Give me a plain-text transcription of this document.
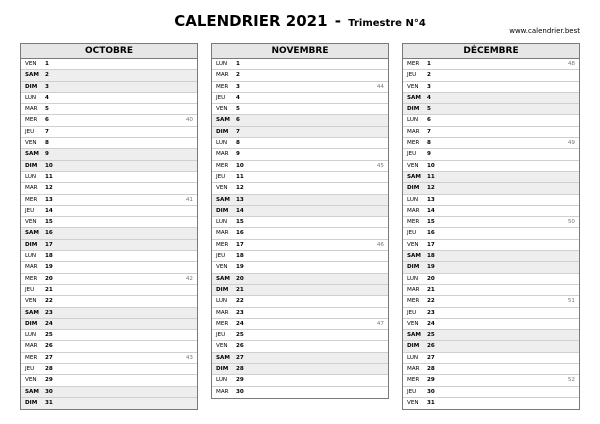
CALENDRIER 2021 - Trimestre N°4
www.calendrier.best
OCTOBRE
VEN 1
SAM 2
DIM 3
LUN 4
MAR 5
MER 6	40
JEU 7
VEN 8
SAM 9
DIM 10
LUN 11
MAR 12
MER 13	41
JEU 14
VEN 15
SAM 16
DIM 17
LUN 18
MAR 19
MER 20	42
JEU 21
VEN 22
SAM 23
DIM 24
LUN 25
MAR 26
MER 27	43
JEU 28
VEN 29
SAM 30
DIM 31
NOVEMBRE
LUN 1
MAR 2
MER 3	44
JEU 4
VEN 5
SAM 6
DIM 7
LUN 8
MAR 9
MER 10	45
JEU 11
VEN 12
SAM 13
DIM 14
LUN 15
MAR 16
MER 17	46
JEU 18
VEN 19
SAM 20
DIM 21
LUN 22
MAR 23
MER 24	47
JEU 25
VEN 26
SAM 27
DIM 28
LUN 29
MAR 30
DÉCEMBRE
MER 1	48
JEU 2
VEN 3
SAM 4
DIM 5
LUN 6
MAR 7
MER 8	49
JEU 9
VEN 10
SAM 11
DIM 12
LUN 13
MAR 14
MER 15	50
JEU 16
VEN 17
SAM 18
DIM 19
LUN 20
MAR 21
MER 22	51
JEU 23
VEN 24
SAM 25
DIM 26
LUN 27
MAR 28
MER 29	52
JEU 30
VEN 31
